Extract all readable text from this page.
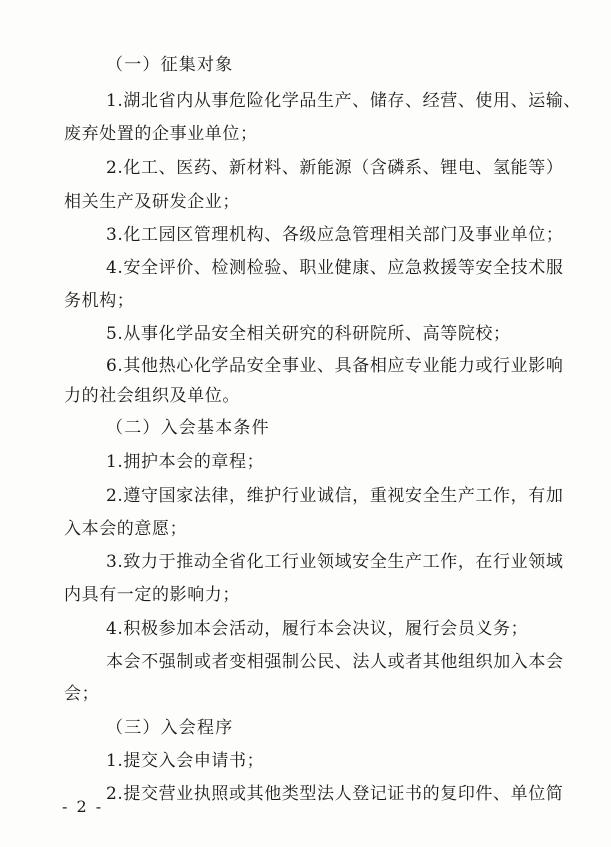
（一）征集对象
1.湖北省内从事危险化学品生产、储存、经营、使用、运输、
废弃处置的企事业单位；
2.化工、医药、新材料、新能源（含磷系、锂电、氢能等）
相关生产及研发企业；
3.化工园区管理机构、各级应急管理相关部门及事业单位；
4.安全评价、检测检验、职业健康、应急救援等安全技术服
务机构；
5.从事化学品安全相关研究的科研院所、高等院校；
6.其他热心化学品安全事业、具备相应专业能力或行业影响
力的社会组织及单位。
（二）入会基本条件
1.拥护本会的章程；
2.遵守国家法律，维护行业诚信，重视安全生产工作，有加
入本会的意愿；
3.致力于推动全省化工行业领域安全生产工作，在行业领域
内具有一定的影响力；
4.积极参加本会活动，履行本会决议，履行会员义务；
本会不强制或者变相强制公民、法人或者其他组织加入本会
会；
（三）入会程序
1.提交入会申请书；
2.提交营业执照或其他类型法人登记证书的复印件、单位简
- 2 -
